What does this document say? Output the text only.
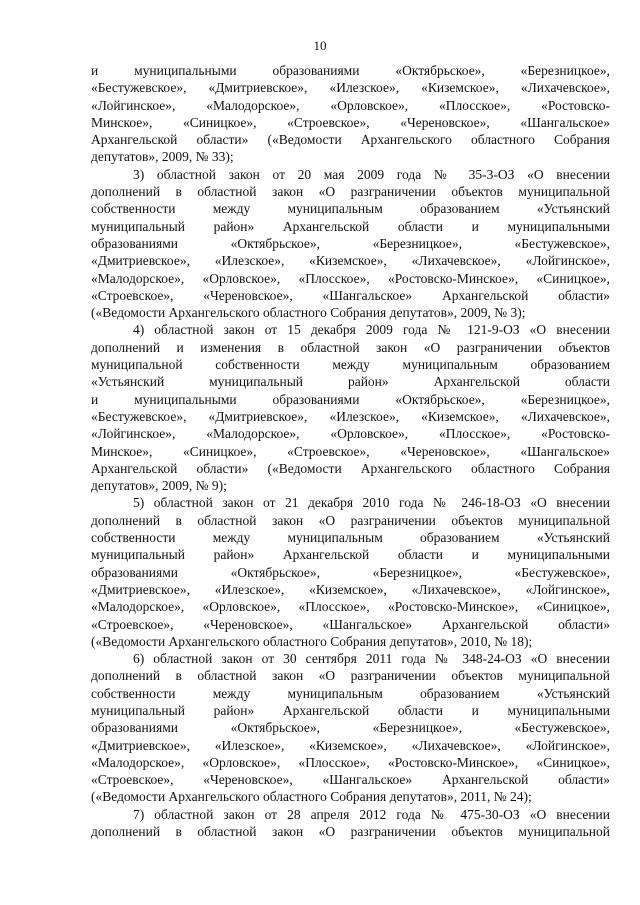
10
и муниципальными образованиями «Октябрьское», «Березницкое»,
«Бестужевское», «Дмитриевское», «Илезское», «Киземское», «Лихачевское»,
«Лойгинское», «Малодорское», «Орловское», «Плосское», «Ростовско-
Минское», «Синицкое», «Строевское», «Череновское», «Шангальское»
Архангельской области» («Ведомости Архангельского областного Собрания
депутатов», 2009, № 33);
3) областной закон от 20 мая 2009 года № 35-3-ОЗ «О внесении
дополнений в областной закон «О разграничении объектов муниципальной
собственности между муниципальным образованием «Устьянский
муниципальный район» Архангельской области и муниципальными
образованиями «Октябрьское», «Березницкое», «Бестужевское»,
«Дмитриевское», «Илезское», «Киземское», «Лихачевское», «Лойгинское»,
«Малодорское», «Орловское», «Плосское», «Ростовско-Минское», «Синицкое»,
«Строевское», «Череновское», «Шангальское» Архангельской области»
(«Ведомости Архангельского областного Собрания депутатов», 2009, № 3);
4) областной закон от 15 декабря 2009 года № 121-9-ОЗ «О внесении
дополнений и изменения в областной закон «О разграничении объектов
муниципальной собственности между муниципальным образованием
«Устьянский муниципальный район» Архангельской области
и муниципальными образованиями «Октябрьское», «Березницкое»,
«Бестужевское», «Дмитриевское», «Илезское», «Киземское», «Лихачевское»,
«Лойгинское», «Малодорское», «Орловское», «Плосское», «Ростовско-
Минское», «Синицкое», «Строевское», «Череновское», «Шангальское»
Архангельской области» («Ведомости Архангельского областного Собрания
депутатов», 2009, № 9);
5) областной закон от 21 декабря 2010 года № 246-18-ОЗ «О внесении
дополнений в областной закон «О разграничении объектов муниципальной
собственности между муниципальным образованием «Устьянский
муниципальный район» Архангельской области и муниципальными
образованиями «Октябрьское», «Березницкое», «Бестужевское»,
«Дмитриевское», «Илезское», «Киземское», «Лихачевское», «Лойгинское»,
«Малодорское», «Орловское», «Плосское», «Ростовско-Минское», «Синицкое»,
«Строевское», «Череновское», «Шангальское» Архангельской области»
(«Ведомости Архангельского областного Собрания депутатов», 2010, № 18);
6) областной закон от 30 сентября 2011 года № 348-24-ОЗ «О внесении
дополнений в областной закон «О разграничении объектов муниципальной
собственности между муниципальным образованием «Устьянский
муниципальный район» Архангельской области и муниципальными
образованиями «Октябрьское», «Березницкое», «Бестужевское»,
«Дмитриевское», «Илезское», «Киземское», «Лихачевское», «Лойгинское»,
«Малодорское», «Орловское», «Плосское», «Ростовско-Минское», «Синицкое»,
«Строевское», «Череновское», «Шангальское» Архангельской области»
(«Ведомости Архангельского областного Собрания депутатов», 2011, № 24);
7) областной закон от 28 апреля 2012 года № 475-30-ОЗ «О внесении
дополнений в областной закон «О разграничении объектов муниципальной
